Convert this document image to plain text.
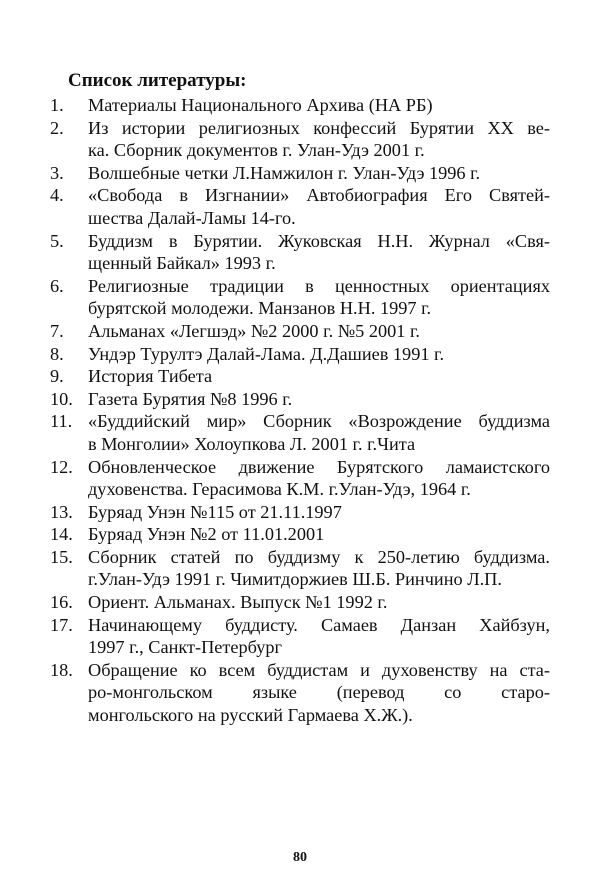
Список литературы:
1.	Материалы Национального Архива (НА РБ)
2.	Из истории религиозных конфессий Бурятии XX ве-
ка. Сборник документов г. Улан-Удэ 2001 г.
3.	Волшебные четки Л.Намжилон г. Улан-Удэ 1996 г.
4.	«Свобода в Изгнании» Автобиография Его Святей-
шества Далай-Ламы 14-го.
5.	Буддизм в Бурятии. Жуковская Н.Н. Журнал «Свя-
щенный Байкал» 1993 г.
6.	Религиозные традиции в ценностных ориентациях
бурятской молодежи. Манзанов Н.Н. 1997 г.
7.	Альманах «Легшэд» №2 2000 г. №5 2001 г.
8.	Ундэр Турултэ Далай-Лама. Д.Дашиев 1991 г.
9.	История Тибета
10. Газета Бурятия №8 1996 г.
11. «Буддийский мир» Сборник «Возрождение буддизма
в Монголии» Холоупкова Л. 2001 г. г.Чита
12. Обновленческое движение Бурятского ламаистского
духовенства. Герасимова К.М. г.Улан-Удэ, 1964 г.
13. Буряад Унэн №115 от 21.11.1997
14. Буряад Унэн №2 от 11.01.2001
15. Сборник статей по буддизму к 250-летию буддизма.
г.Улан-Удэ 1991 г. Чимитдоржиев Ш.Б. Ринчино Л.П.
16. Ориент. Альманах. Выпуск №1 1992 г.
17. Начинающему буддисту. Самаев Данзан Хайбзун,
1997 г., Санкт-Петербург
18. Обращение ко всем буддистам и духовенству на ста-
ро-монгольском языке (перевод со старо-
монгольского на русский Гармаева Х.Ж.).
80
